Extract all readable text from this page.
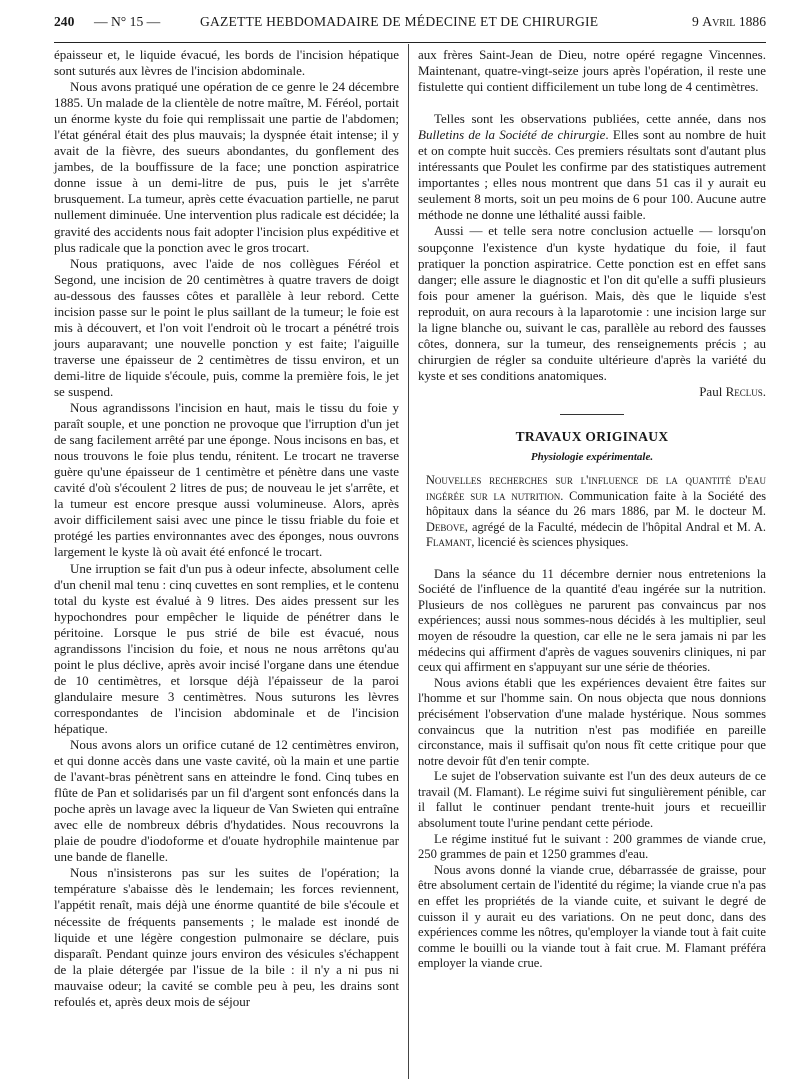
240 — N° 15 —	GAZETTE HEBDOMADAIRE DE MÉDECINE ET DE CHIRURGIE	9 Avril 1886

épaisseur et, le liquide évacué, les bords de l'incision hépatique sont suturés aux lèvres de l'incision abdominale.

Nous avons pratiqué une opération de ce genre le 24 décembre 1885. Un malade de la clientèle de notre maître, M. Féréol, portait un énorme kyste du foie qui remplissait une partie de l'abdomen; l'état général était des plus mauvais; la dyspnée était intense; il y avait de la fièvre, des sueurs abondantes, du gonflement des jambes, de la bouffissure de la face; une ponction aspiratrice donne issue à un demi-litre de pus, puis le jet s'arrête brusquement. La tumeur, après cette évacuation partielle, ne parut nullement diminuée. Une intervention plus radicale est décidée; la gravité des accidents nous fait adopter l'incision plus expéditive et plus radicale que la ponction avec le gros trocart.

Nous pratiquons, avec l'aide de nos collègues Féréol et Segond, une incision de 20 centimètres à quatre travers de doigt au-dessous des fausses côtes et parallèle à leur rebord. Cette incision passe sur le point le plus saillant de la tumeur; le foie est mis à découvert, et l'on voit l'endroit où le trocart a pénétré trois jours auparavant; une nouvelle ponction y est faite; l'aiguille traverse une épaisseur de 2 centimètres de tissu environ, et un demi-litre de liquide s'écoule, puis, comme la première fois, le jet se suspend.

Nous agrandissons l'incision en haut, mais le tissu du foie y paraît souple, et une ponction ne provoque que l'irruption d'un jet de sang facilement arrêté par une éponge. Nous incisons en bas, et nous trouvons le foie plus tendu, rénitent. Le trocart ne traverse guère qu'une épaisseur de 1 centimètre et pénètre dans une vaste cavité d'où s'écoulent 2 litres de pus; de nouveau le jet s'arrête, et la tumeur est encore presque aussi volumineuse. Alors, après avoir difficilement saisi avec une pince le tissu friable du foie et protégé les parties environnantes avec des éponges, nous ouvrons largement le kyste là où avait été enfoncé le trocart.

Une irruption se fait d'un pus à odeur infecte, absolument celle d'un chenil mal tenu : cinq cuvettes en sont remplies, et le contenu total du kyste est évalué à 9 litres. Des aides pressent sur les hypochondres pour empêcher le liquide de pénétrer dans le péritoine. Lorsque le pus strié de bile est évacué, nous agrandissons l'incision du foie, et nous ne nous arrêtons qu'au point le plus déclive, après avoir incisé l'organe dans une étendue de 10 centimètres, et lorsque déjà l'épaisseur de la paroi glandulaire mesure 3 centimètres. Nous suturons les lèvres correspondantes de l'incision abdominale et de l'incision hépatique.

Nous avons alors un orifice cutané de 12 centimètres environ, et qui donne accès dans une vaste cavité, où la main et une partie de l'avant-bras pénètrent sans en atteindre le fond. Cinq tubes en flûte de Pan et solidarisés par un fil d'argent sont enfoncés dans la poche après un lavage avec la liqueur de Van Swieten qui entraîne avec elle de nombreux débris d'hydatides. Nous recouvrons la plaie de poudre d'iodoforme et d'ouate hydrophile maintenue par une bande de flanelle.

Nous n'insisterons pas sur les suites de l'opération; la température s'abaisse dès le lendemain; les forces reviennent, l'appétit renaît, mais déjà une énorme quantité de bile s'écoule et nécessite de fréquents pansements ; le malade est inondé de liquide et une légère congestion pulmonaire se déclare, puis disparaît. Pendant quinze jours environ des vésicules s'échappent de la plaie détergée par l'issue de la bile : il n'y a ni pus ni mauvaise odeur; la cavité se comble peu à peu, les drains sont refoulés et, après deux mois de séjour

aux frères Saint-Jean de Dieu, notre opéré regagne Vincennes. Maintenant, quatre-vingt-seize jours après l'opération, il reste une fistulette qui contient difficilement un tube long de 4 centimètres.

Telles sont les observations publiées, cette année, dans nos Bulletins de la Société de chirurgie. Elles sont au nombre de huit et on compte huit succès. Ces premiers résultats sont d'autant plus intéressants que Poulet les confirme par des statistiques autrement importantes ; elles nous montrent que dans 51 cas il y aurait eu seulement 8 morts, soit un peu moins de 6 pour 100. Aucune autre méthode ne donne une léthalité aussi faible.

Aussi — et telle sera notre conclusion actuelle — lorsqu'on soupçonne l'existence d'un kyste hydatique du foie, il faut pratiquer la ponction aspiratrice. Cette ponction est en effet sans danger; elle assure le diagnostic et l'on dit qu'elle a suffi plusieurs fois pour amener la guérison. Mais, dès que le liquide s'est reproduit, on aura recours à la laparotomie : une incision large sur la ligne blanche ou, suivant le cas, parallèle au rebord des fausses côtes, donnera, sur la tumeur, des renseignements précis ; au chirurgien de régler sa conduite ultérieure d'après la variété du kyste et ses conditions anatomiques.

Paul Reclus.

TRAVAUX ORIGINAUX
Physiologie expérimentale.

Nouvelles recherches sur l'influence de la quantité d'eau ingérée sur la nutrition. Communication faite à la Société des hôpitaux dans la séance du 26 mars 1886, par M. le docteur M. Debove, agrégé de la Faculté, médecin de l'hôpital Andral et M. A. Flamant, licencié ès sciences physiques.

Dans la séance du 11 décembre dernier nous entretenions la Société de l'influence de la quantité d'eau ingérée sur la nutrition. Plusieurs de nos collègues ne parurent pas convaincus par nos expériences; aussi nous sommes-nous décidés à les multiplier, seul moyen de résoudre la question, car elle ne le sera jamais ni par les médecins qui affirment d'après de vagues souvenirs cliniques, ni par ceux qui affirment en s'appuyant sur une série de théories.

Nous avions établi que les expériences devaient être faites sur l'homme et sur l'homme sain. On nous objecta que nous donnions précisément l'observation d'une malade hystérique. Nous sommes convaincus que la nutrition n'est pas modifiée en pareille circonstance, mais il suffisait qu'on nous fît cette critique pour que notre devoir fût d'en tenir compte.

Le sujet de l'observation suivante est l'un des deux auteurs de ce travail (M. Flamant). Le régime suivi fut singulièrement pénible, car il fallut le continuer pendant trente-huit jours et recueillir absolument toute l'urine pendant cette période.

Le régime institué fut le suivant : 200 grammes de viande crue, 250 grammes de pain et 1250 grammes d'eau.

Nous avons donné la viande crue, débarrassée de graisse, pour être absolument certain de l'identité du régime; la viande crue n'a pas en effet les propriétés de la viande cuite, et suivant le degré de cuisson il y aurait eu des variations. On ne peut donc, dans des expériences comme les nôtres, qu'employer la viande tout à fait cuite comme le bouilli ou la viande tout à fait crue. M. Flamant préféra employer la viande crue.
